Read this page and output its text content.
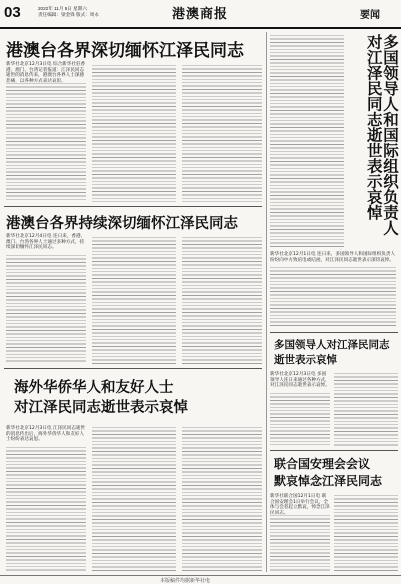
03	2022年 11月 5日 星期六
责任编辑：梁金锋 版式：周永	港澳商报	要闻
港澳台各界深切缅怀江泽民同志
新华社北京12月3日电 综合新华社驻香港、澳门、台湾记者报道：江泽民同志逝世的消息传来，港澳台各界人士深感
港澳台各界持续深切缅怀江泽民同志
新华社北京12月4日电 连日来，香港、澳门、台湾各界人士通过多种方式，持续深切缅怀江泽民同志。
海外华侨华人和友好人士
对江泽民同志逝世表示哀悼
新华社北京12月3日电 江泽民同志逝世的消息传出后，海外华侨华人和友好人士纷纷表达哀思。
多国领导人和国际组织负责人对江泽民同志逝世表示哀悼
新华社北京12月1日电 连日来，多国领导人和国际组织负责人纷纷向中方致唁电或唁函，对江泽民同志逝世表示深切哀悼。
多国领导人对江泽民同志
逝世表示哀悼
新华社北京12月3日电 多国领导人连日来通过各种方式，对江泽民同志逝世表示哀悼。
联合国安理会会议
默哀悼念江泽民同志
新华社联合国12月1日电 联合国安理会1日举行会议，全体与会者起立默哀，悼念江泽
本版稿件均据新华社电
